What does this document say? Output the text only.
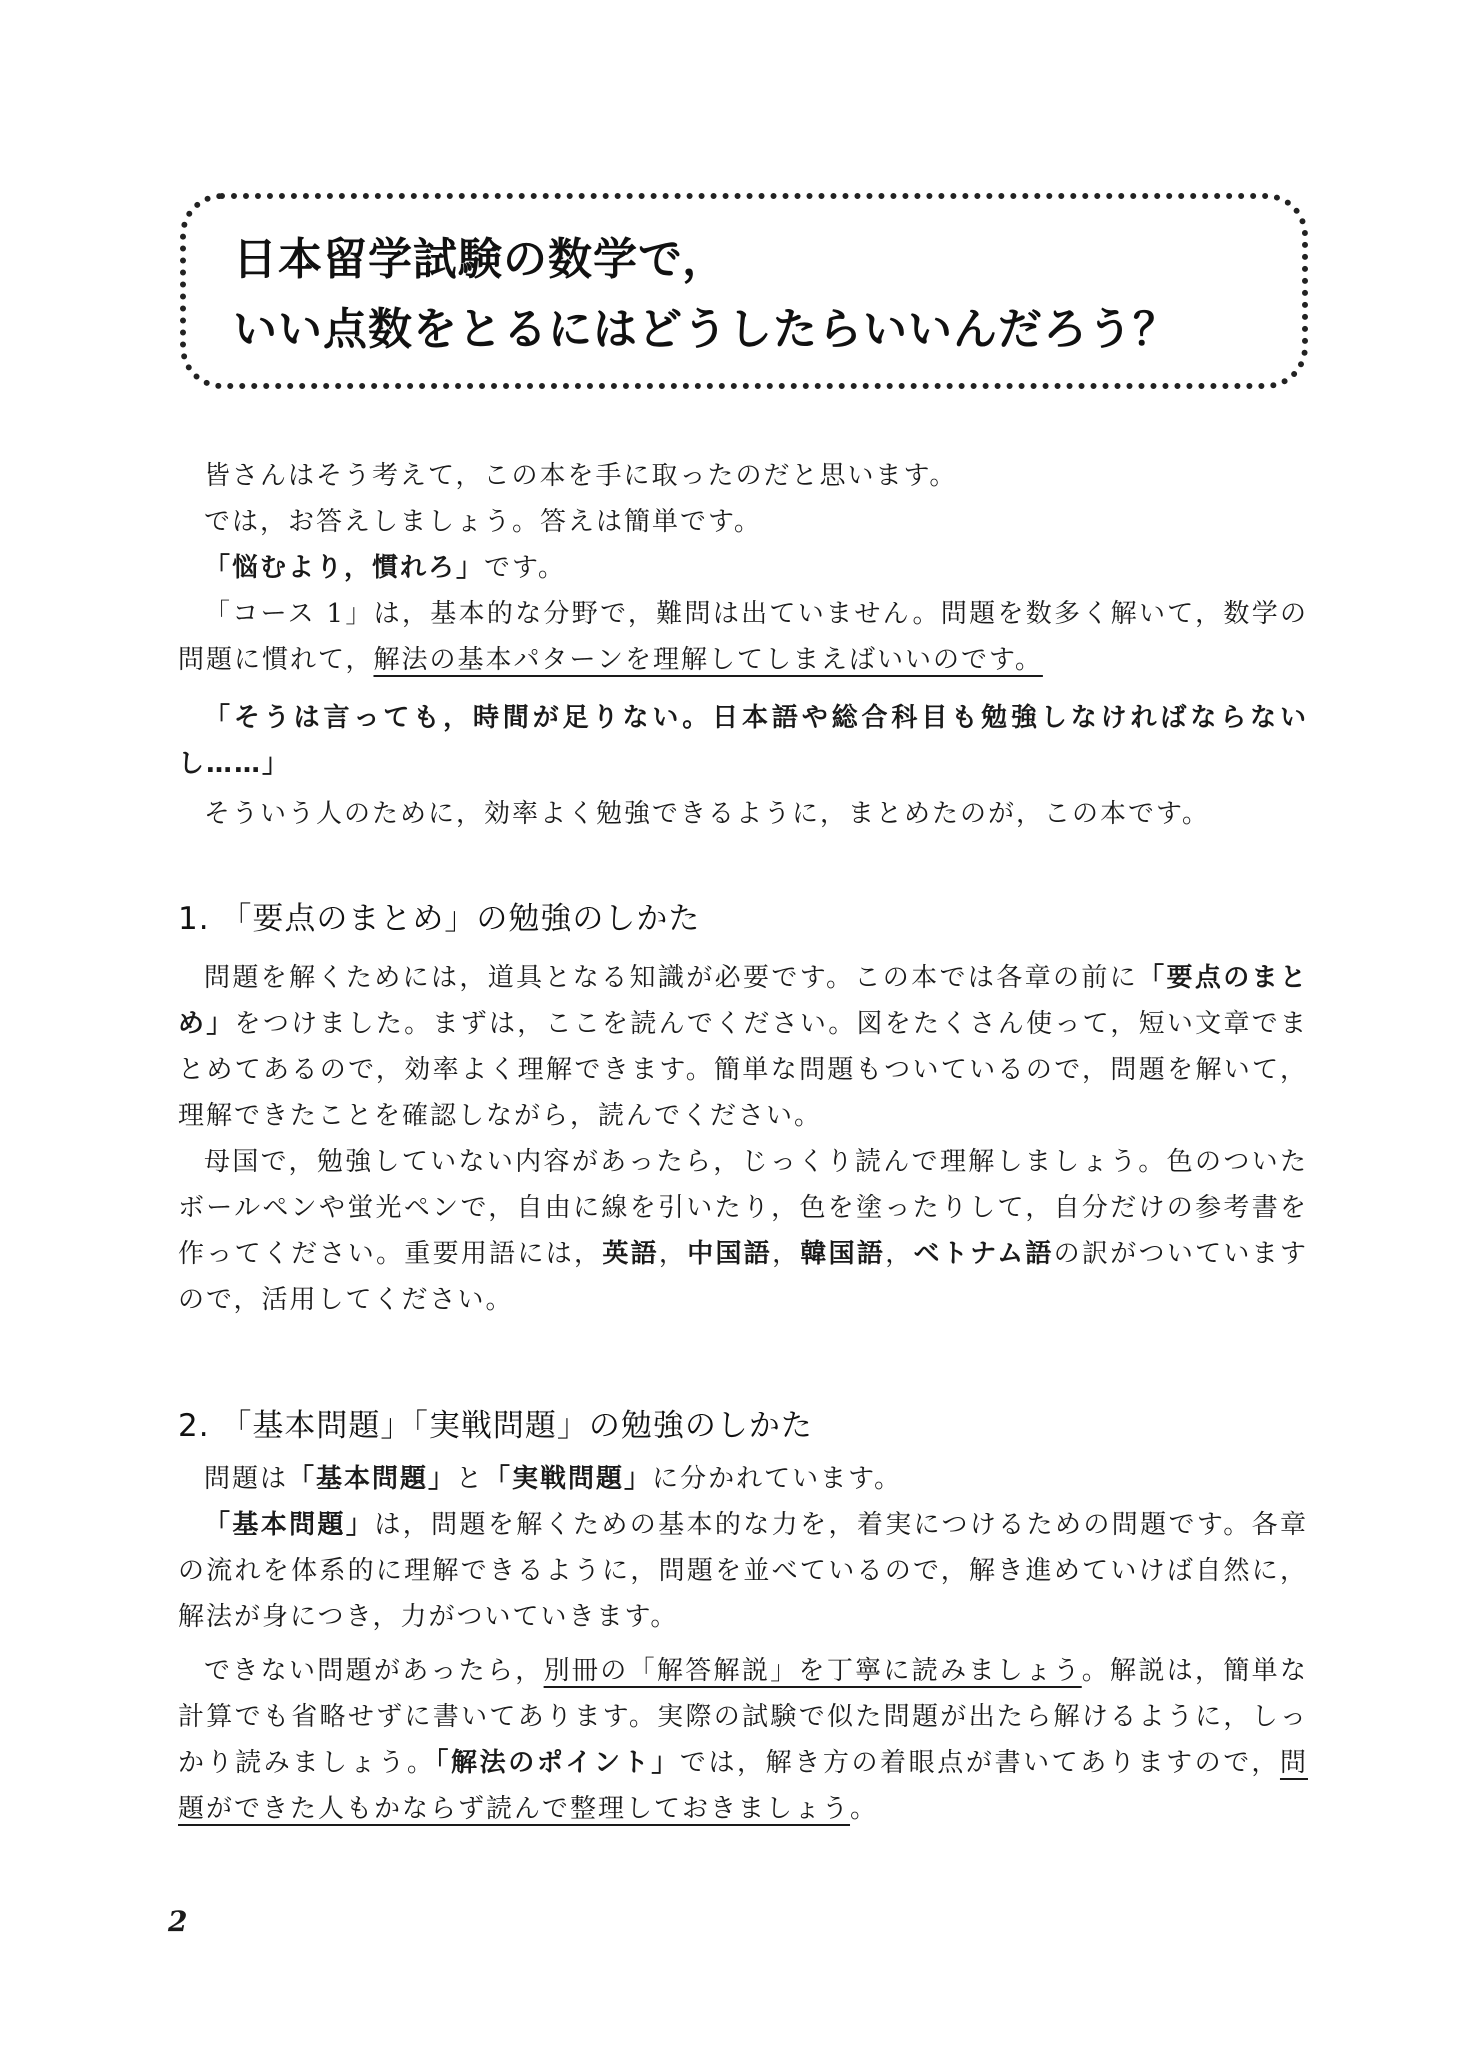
日本留学試験の数学で，
いい点数をとるにはどうしたらいいんだろう？

皆さんはそう考えて，この本を手に取ったのだと思います。

では，お答えしましょう。答えは簡単です。

「悩むより，慣れろ」です。

「コース 1」は，基本的な分野で，難問は出ていません。問題を数多く解いて，数学の問題に慣れて，解法の基本パターンを理解してしまえばいいのです。

「そうは言っても，時間が足りない。日本語や総合科目も勉強しなければならないし……」

そういう人のために，効率よく勉強できるように，まとめたのが，この本です。

1. 「要点のまとめ」の勉強のしかた

問題を解くためには，道具となる知識が必要です。この本では各章の前に「要点のまとめ」をつけました。まずは，ここを読んでください。図をたくさん使って，短い文章でまとめてあるので，効率よく理解できます。簡単な問題もついているので，問題を解いて，理解できたことを確認しながら，読んでください。

母国で，勉強していない内容があったら，じっくり読んで理解しましょう。色のついたボールペンや蛍光ペンで，自由に線を引いたり，色を塗ったりして，自分だけの参考書を作ってください。重要用語には，英語，中国語，韓国語，ベトナム語の訳がついていますので，活用してください。

2. 「基本問題」「実戦問題」の勉強のしかた

問題は「基本問題」と「実戦問題」に分かれています。

「基本問題」は，問題を解くための基本的な力を，着実につけるための問題です。各章の流れを体系的に理解できるように，問題を並べているので，解き進めていけば自然に，解法が身につき，力がついていきます。

できない問題があったら，別冊の「解答解説」を丁寧に読みましょう。解説は，簡単な計算でも省略せずに書いてあります。実際の試験で似た問題が出たら解けるように，しっかり読みましょう。「解法のポイント」では，解き方の着眼点が書いてありますので，問題ができた人もかならず読んで整理しておきましょう。

2
